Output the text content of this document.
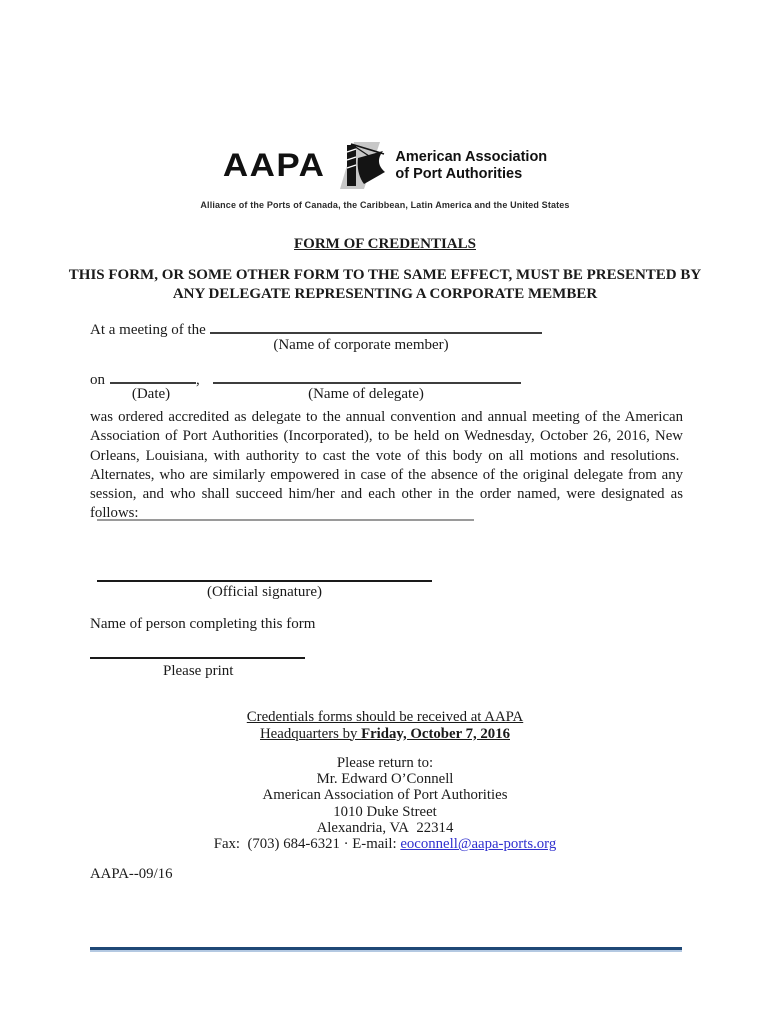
AAPA	American Association
of Port Authorities
Alliance of the Ports of Canada, the Caribbean, Latin America and the United States
FORM OF CREDENTIALS
THIS FORM, OR SOME OTHER FORM TO THE SAME EFFECT, MUST BE PRESENTED BY
ANY DELEGATE REPRESENTING A CORPORATE MEMBER
At a meeting of the
(Name of corporate member)
on	,
(Date)	(Name of delegate)
was ordered accredited as delegate to the annual convention and annual meeting of the American Association of Port Authorities (Incorporated), to be held on Wednesday, October 26, 2016, New Orleans, Louisiana, with authority to cast the vote of this body on all motions and resolutions.  Alternates, who are similarly empowered in case of the absence of the original delegate from any session, and who shall succeed him/her and each other in the order named, were designated as follows:
(Official signature)
Name of person completing this form
Please print
Credentials forms should be received at AAPA
Headquarters by Friday, October 7, 2016
Please return to:
Mr. Edward O’Connell
American Association of Port Authorities
1010 Duke Street
Alexandria, VA  22314
Fax:  (703) 684-6321 · E-mail: eoconnell@aapa-ports.org
AAPA--09/16
